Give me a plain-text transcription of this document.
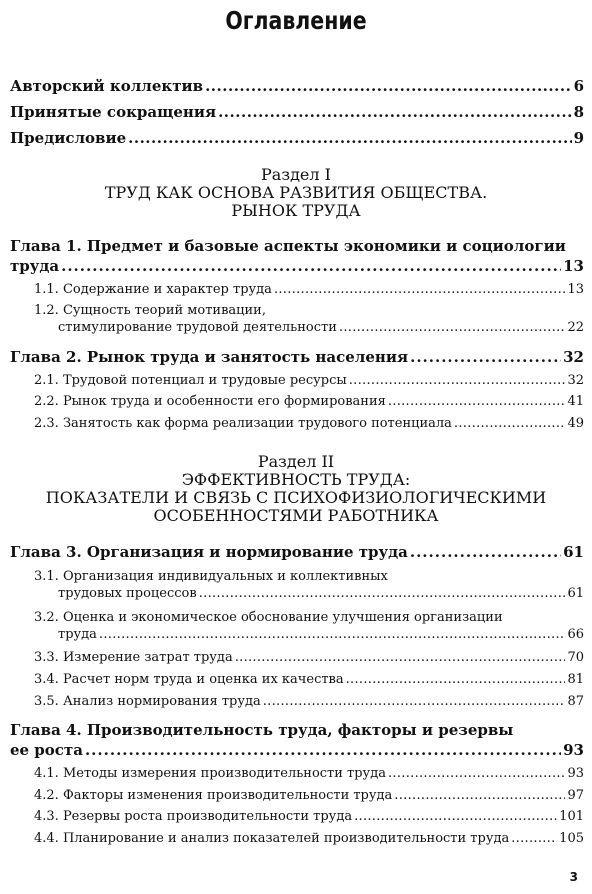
Оглавление
Авторский коллектив .....	6
Принятые сокращения .....	8
Предисловие .....	9
Раздел I
ТРУД КАК ОСНОВА РАЗВИТИЯ ОБЩЕСТВА.
РЫНОК ТРУДА
Глава 1. Предмет и базовые аспекты экономики и социологии
труда .....	13
1.1. Содержание и характер труда .....	13
1.2. Сущность теорий мотивации,
стимулирование трудовой деятельности .....	22
Глава 2. Рынок труда и занятость населения .....	32
2.1. Трудовой потенциал и трудовые ресурсы .....	32
2.2. Рынок труда и особенности его формирования .....	41
2.3. Занятость как форма реализации трудового потенциала .....	49
Раздел II
ЭФФЕКТИВНОСТЬ ТРУДА:
ПОКАЗАТЕЛИ И СВЯЗЬ С ПСИХОФИЗИОЛОГИЧЕСКИМИ
ОСОБЕННОСТЯМИ РАБОТНИКА
Глава 3. Организация и нормирование труда .....	61
3.1. Организация индивидуальных и коллективных
трудовых процессов .....	61
3.2. Оценка и экономическое обоснование улучшения организации
труда .....	66
3.3. Измерение затрат труда .....	70
3.4. Расчет норм труда и оценка их качества .....	81
3.5. Анализ нормирования труда .....	87
Глава 4. Производительность труда, факторы и резервы
ее роста .....	93
4.1. Методы измерения производительности труда .....	93
4.2. Факторы изменения производительности труда .....	97
4.3. Резервы роста производительности труда .....	101
4.4. Планирование и анализ показателей производительности труда .....	105
3
